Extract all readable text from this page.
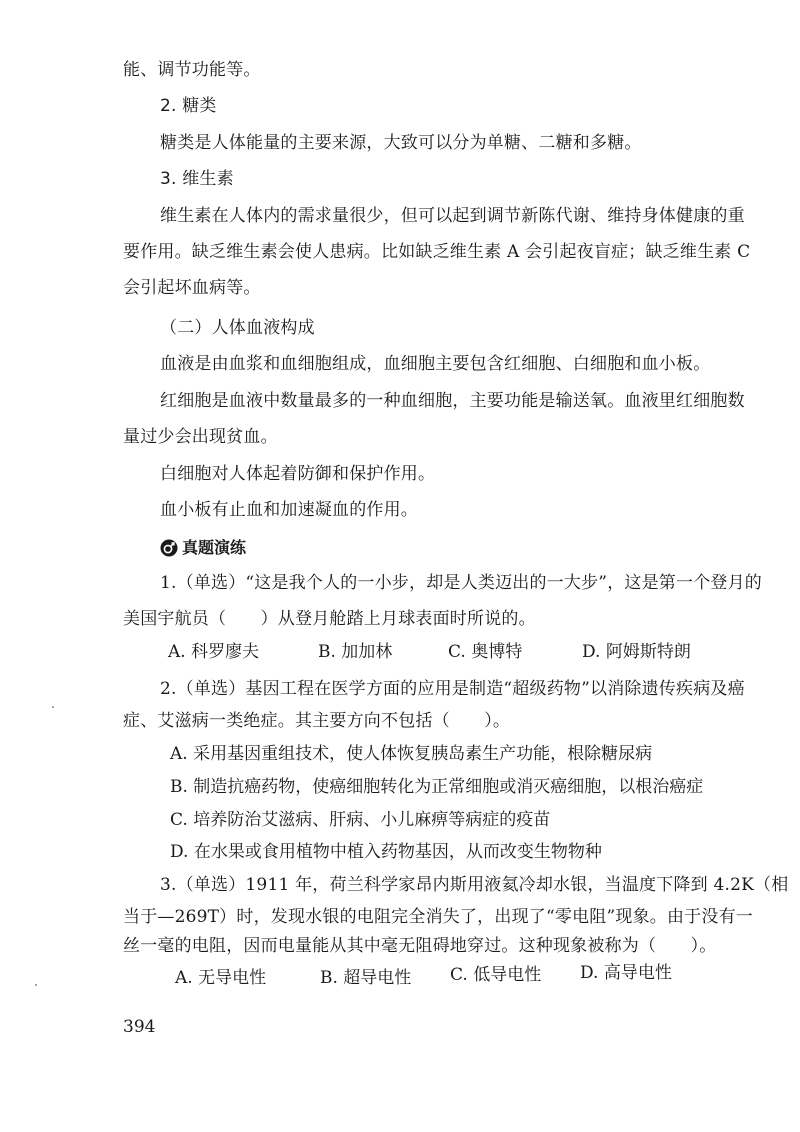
能、调节功能等。
2. 糖类
糖类是人体能量的主要来源，大致可以分为单糖、二糖和多糖。
3. 维生素
维生素在人体内的需求量很少，但可以起到调节新陈代谢、维持身体健康的重
要作用。缺乏维生素会使人患病。比如缺乏维生素 A 会引起夜盲症；缺乏维生素 C
会引起坏血病等。
（二）人体血液构成
血液是由血浆和血细胞组成，血细胞主要包含红细胞、白细胞和血小板。
红细胞是血液中数量最多的一种血细胞，主要功能是输送氧。血液里红细胞数
量过少会出现贫血。
白细胞对人体起着防御和保护作用。
血小板有止血和加速凝血的作用。
真题演练
1.（单选）“这是我个人的一小步，却是人类迈出的一大步”，这是第一个登月的
美国宇航员（　　）从登月舱踏上月球表面时所说的。
A. 科罗廖夫	B. 加加林	C. 奥博特	D. 阿姆斯特朗
2.（单选）基因工程在医学方面的应用是制造“超级药物”以消除遗传疾病及癌
症、艾滋病一类绝症。其主要方向不包括（　　）。
A. 采用基因重组技术，使人体恢复胰岛素生产功能，根除糖尿病
B. 制造抗癌药物，使癌细胞转化为正常细胞或消灭癌细胞，以根治癌症
C. 培养防治艾滋病、肝病、小儿麻痹等病症的疫苗
D. 在水果或食用植物中植入药物基因，从而改变生物物种
3.（单选）1911 年，荷兰科学家昂内斯用液氦冷却水银，当温度下降到 4.2K（相
当于—269T）时，发现水银的电阻完全消失了，出现了“零电阻”现象。由于没有一
丝一毫的电阻，因而电量能从其中毫无阻碍地穿过。这种现象被称为（　　）。
A. 无导电性	B. 超导电性 C. 低导电性 D. 高导电性
394
